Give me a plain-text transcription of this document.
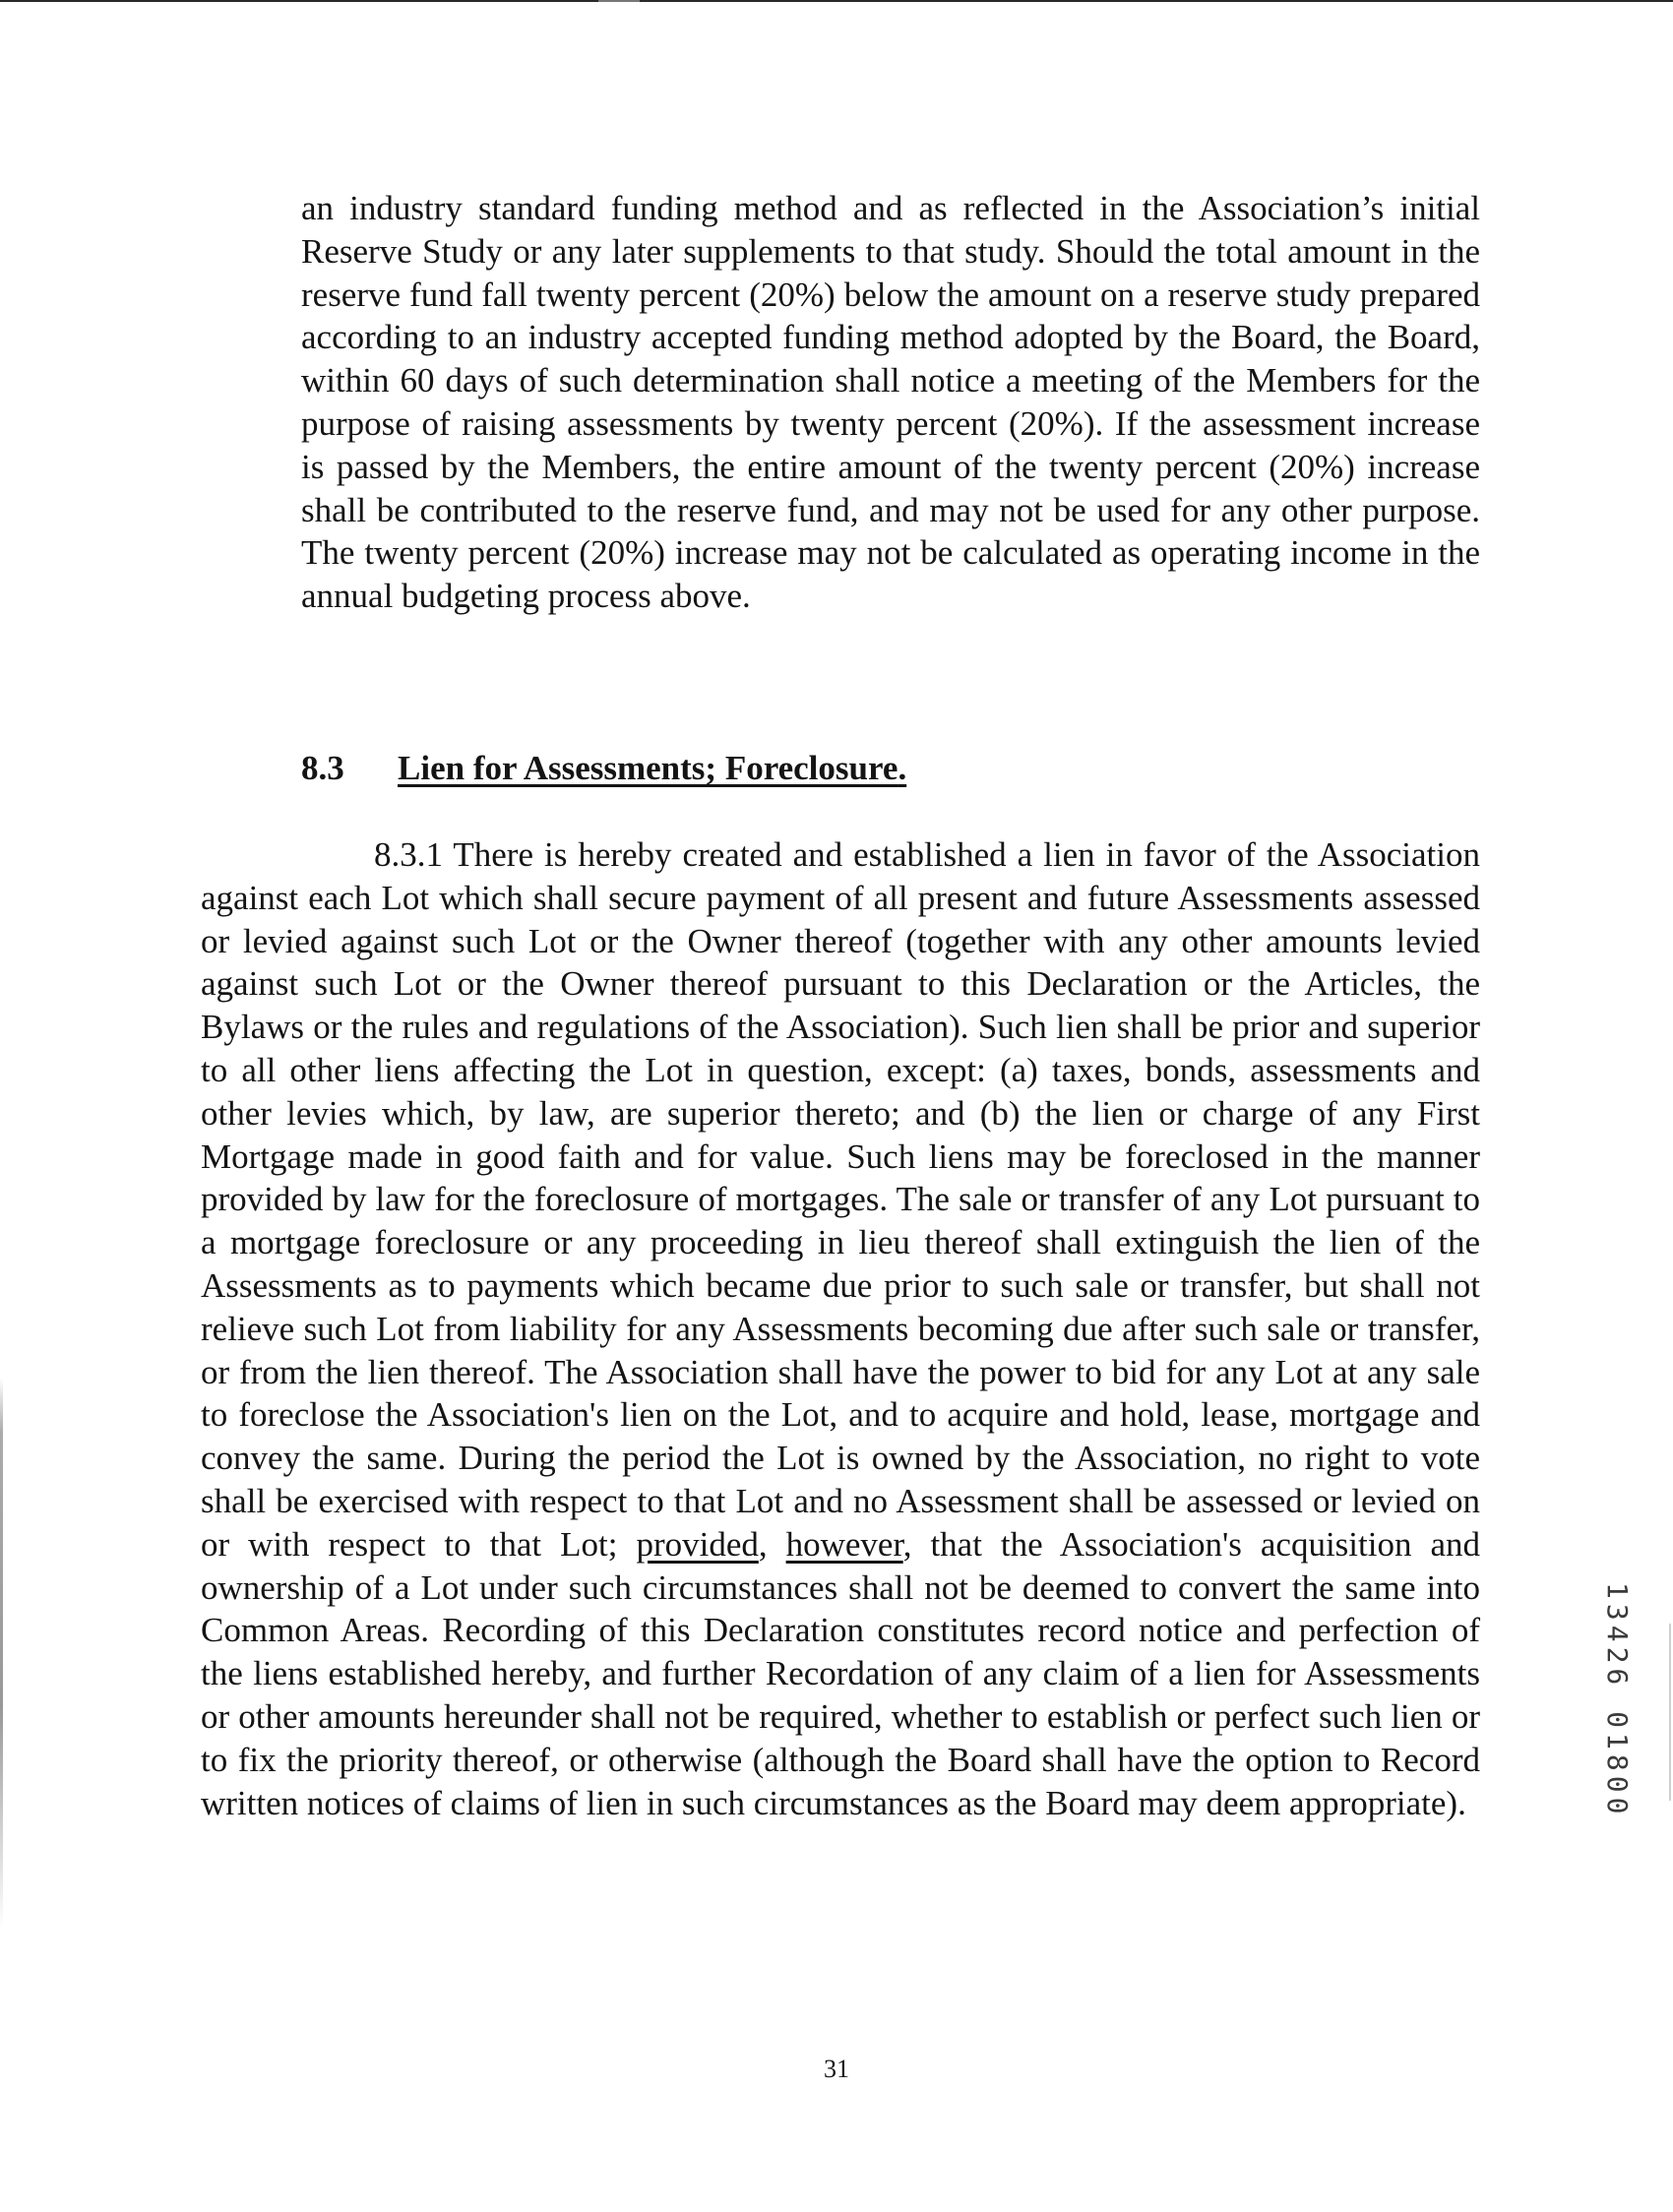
an industry standard funding method and as reflected in the Association’s initial Reserve Study or any later supplements to that study. Should the total amount in the reserve fund fall twenty percent (20%) below the amount on a reserve study prepared according to an industry accepted funding method adopted by the Board, the Board, within 60 days of such determination shall notice a meeting of the Members for the purpose of raising assessments by twenty percent (20%). If the assessment increase is passed by the Members, the entire amount of the twenty percent (20%) increase shall be contributed to the reserve fund, and may not be used for any other purpose. The twenty percent (20%) increase may not be calculated as operating income in the annual budgeting process above.

8.3 Lien for Assessments; Foreclosure.

8.3.1 There is hereby created and established a lien in favor of the Association against each Lot which shall secure payment of all present and future Assessments assessed or levied against such Lot or the Owner thereof (together with any other amounts levied against such Lot or the Owner thereof pursuant to this Declaration or the Articles, the Bylaws or the rules and regulations of the Association). Such lien shall be prior and superior to all other liens affecting the Lot in question, except: (a) taxes, bonds, assessments and other levies which, by law, are superior thereto; and (b) the lien or charge of any First Mortgage made in good faith and for value. Such liens may be foreclosed in the manner provided by law for the foreclosure of mortgages. The sale or transfer of any Lot pursuant to a mortgage foreclosure or any proceeding in lieu thereof shall extinguish the lien of the Assessments as to payments which became due prior to such sale or transfer, but shall not relieve such Lot from liability for any Assessments becoming due after such sale or transfer, or from the lien thereof. The Association shall have the power to bid for any Lot at any sale to foreclose the Association's lien on the Lot, and to acquire and hold, lease, mortgage and convey the same. During the period the Lot is owned by the Association, no right to vote shall be exercised with respect to that Lot and no Assessment shall be assessed or levied on or with respect to that Lot; provided, however, that the Association's acquisition and ownership of a Lot under such circumstances shall not be deemed to convert the same into Common Areas. Recording of this Declaration constitutes record notice and perfection of the liens established hereby, and further Recordation of any claim of a lien for Assessments or other amounts hereunder shall not be required, whether to establish or perfect such lien or to fix the priority thereof, or otherwise (although the Board shall have the option to Record written notices of claims of lien in such circumstances as the Board may deem appropriate).

31
13426 01800
